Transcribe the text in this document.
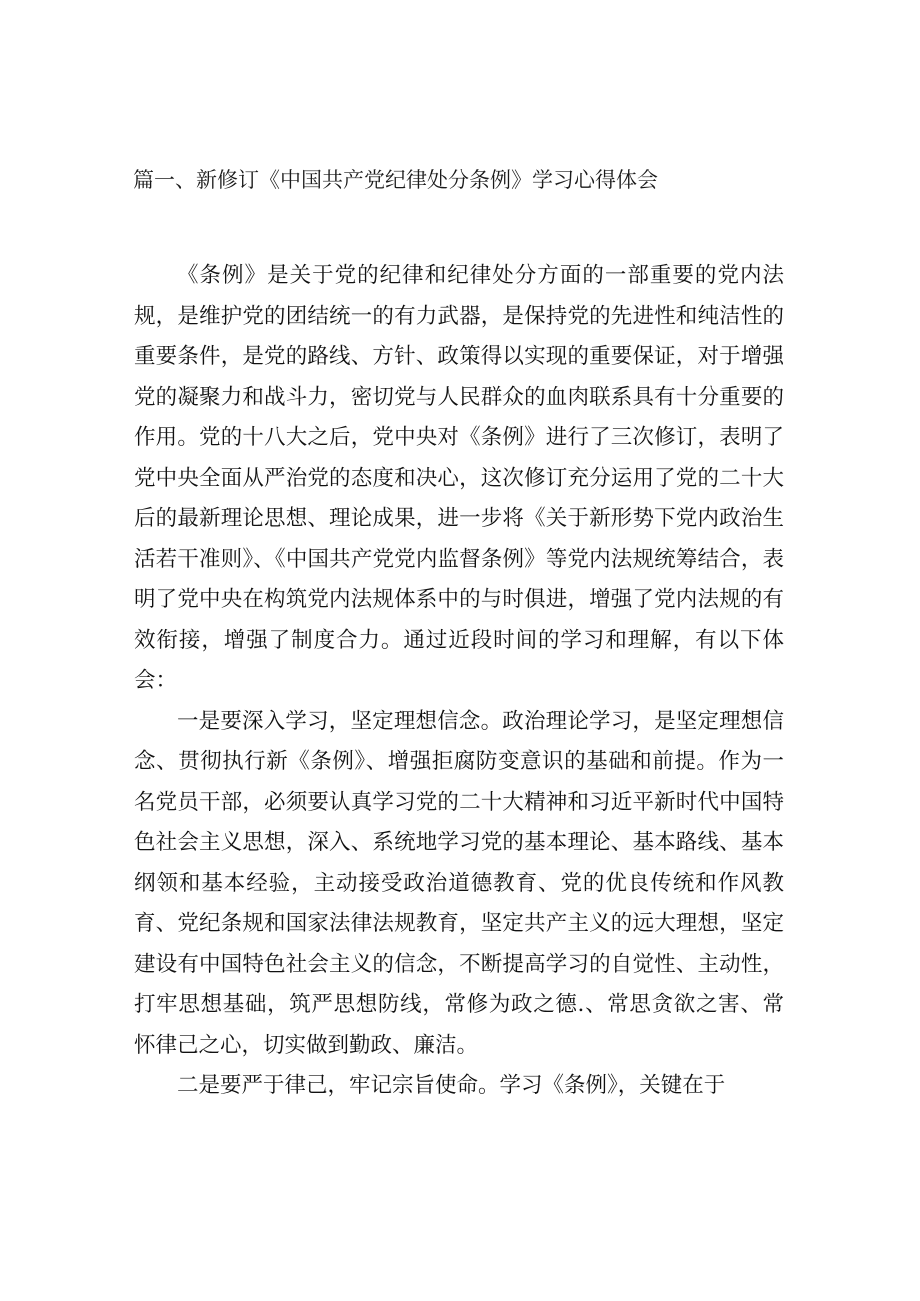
篇一、新修订《中国共产党纪律处分条例》学习心得体会

《条例》是关于党的纪律和纪律处分方面的一部重要的党内法规，是维护党的团结统一的有力武器，是保持党的先进性和纯洁性的重要条件，是党的路线、方针、政策得以实现的重要保证，对于增强党的凝聚力和战斗力，密切党与人民群众的血肉联系具有十分重要的作用。党的十八大之后，党中央对《条例》进行了三次修订，表明了党中央全面从严治党的态度和决心，这次修订充分运用了党的二十大后的最新理论思想、理论成果，进一步将《关于新形势下党内政治生活若干准则》、《中国共产党党内监督条例》等党内法规统筹结合，表明了党中央在构筑党内法规体系中的与时俱进，增强了党内法规的有效衔接，增强了制度合力。通过近段时间的学习和理解，有以下体会：

一是要深入学习，坚定理想信念。政治理论学习，是坚定理想信念、贯彻执行新《条例》、增强拒腐防变意识的基础和前提。作为一名党员干部，必须要认真学习党的二十大精神和习近平新时代中国特色社会主义思想，深入、系统地学习党的基本理论、基本路线、基本纲领和基本经验，主动接受政治道德教育、党的优良传统和作风教育、党纪条规和国家法律法规教育，坚定共产主义的远大理想，坚定建设有中国特色社会主义的信念，不断提高学习的自觉性、主动性，打牢思想基础，筑严思想防线，常修为政之德.、常思贪欲之害、常怀律己之心，切实做到勤政、廉洁。

二是要严于律己，牢记宗旨使命。学习《条例》，关键在于
